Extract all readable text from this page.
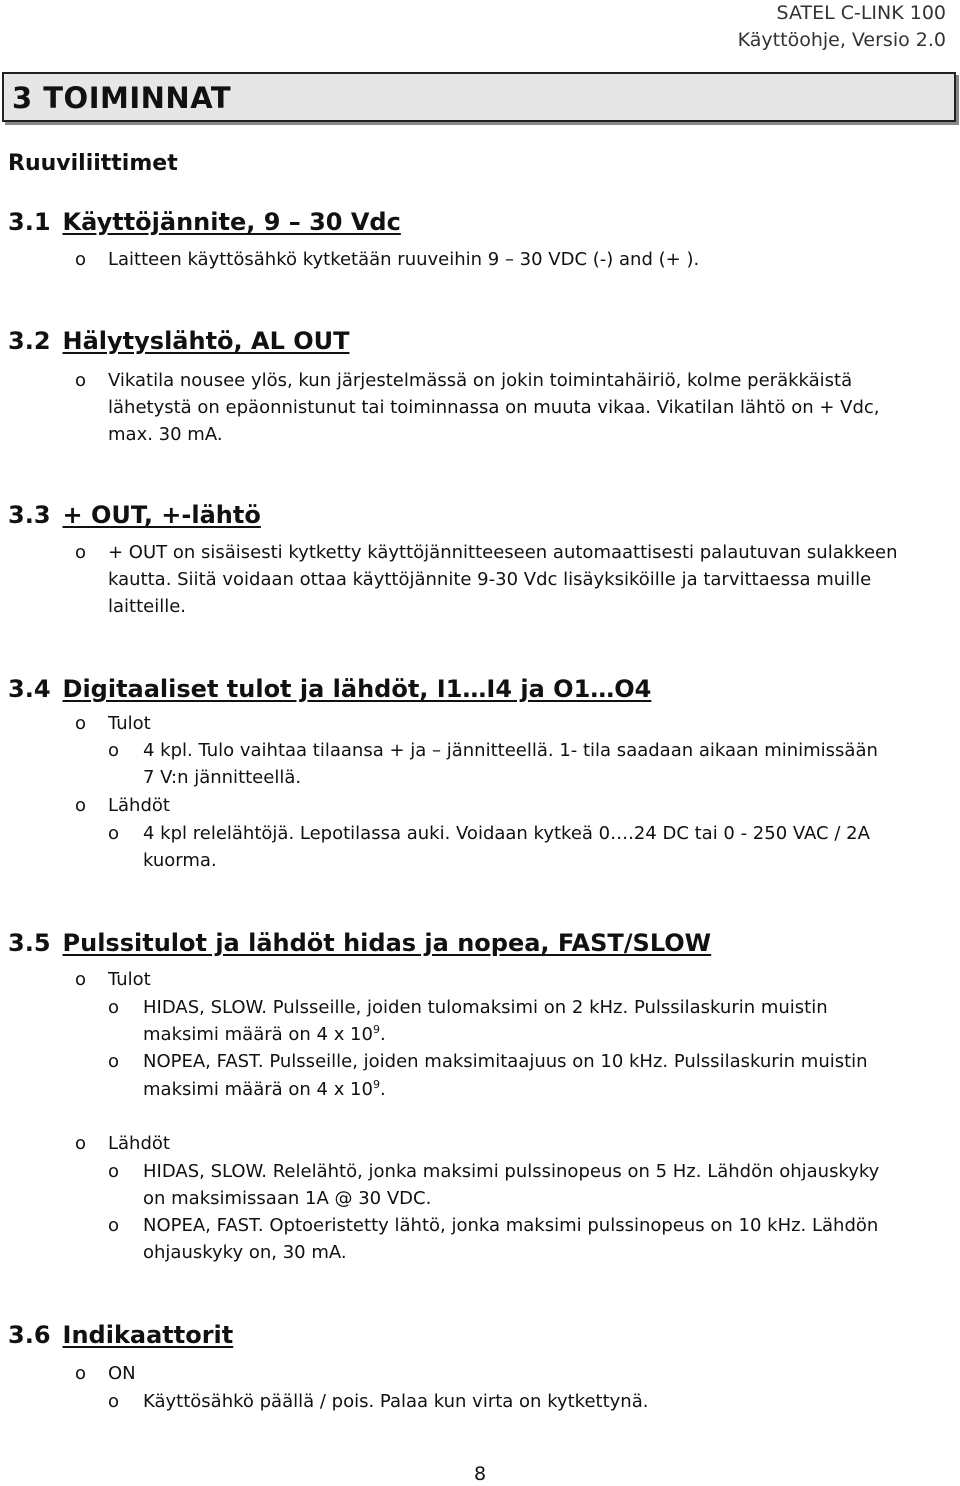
SATEL C-LINK 100
Käyttöohje, Versio 2.0
3 TOIMINNAT
Ruuviliittimet
3.1 Käyttöjännite, 9 – 30 Vdc
o Laitteen käyttösähkö kytketään ruuveihin 9 – 30 VDC (-) and (+ ).
3.2 Hälytyslähtö, AL OUT
o Vikatila nousee ylös, kun järjestelmässä on jokin toimintahäiriö, kolme peräkkäistä
lähetystä on epäonnistunut tai toiminnassa on muuta vikaa. Vikatilan lähtö on + Vdc,
max. 30 mA.
3.3 + OUT, +-lähtö
o + OUT on sisäisesti kytketty käyttöjännitteeseen automaattisesti palautuvan sulakkeen
kautta. Siitä voidaan ottaa käyttöjännite 9-30 Vdc lisäyksiköille ja tarvittaessa muille
laitteille.
3.4 Digitaaliset tulot ja lähdöt, I1…I4 ja O1…O4
o Tulot
o 4 kpl. Tulo vaihtaa tilaansa + ja – jännitteellä. 1- tila saadaan aikaan minimissään
7 V:n jännitteellä.
o Lähdöt
o 4 kpl relelähtöjä. Lepotilassa auki. Voidaan kytkeä 0….24 DC tai 0 - 250 VAC / 2A
kuorma.
3.5 Pulssitulot ja lähdöt hidas ja nopea, FAST/SLOW
o Tulot
o HIDAS, SLOW. Pulsseille, joiden tulomaksimi on 2 kHz. Pulssilaskurin muistin
maksimi määrä on 4 x $10^9$.
o NOPEA, FAST. Pulsseille, joiden maksimitaajuus on 10 kHz. Pulssilaskurin muistin
maksimi määrä on 4 x $10^9$.
o Lähdöt
o HIDAS, SLOW. Relelähtö, jonka maksimi pulssinopeus on 5 Hz. Lähdön ohjauskyky
on maksimissaan 1A @ 30 VDC.
o NOPEA, FAST. Optoeristetty lähtö, jonka maksimi pulssinopeus on 10 kHz. Lähdön
ohjauskyky on, 30 mA.
3.6 Indikaattorit
o ON
o Käyttösähkö päällä / pois. Palaa kun virta on kytkettynä.
8
